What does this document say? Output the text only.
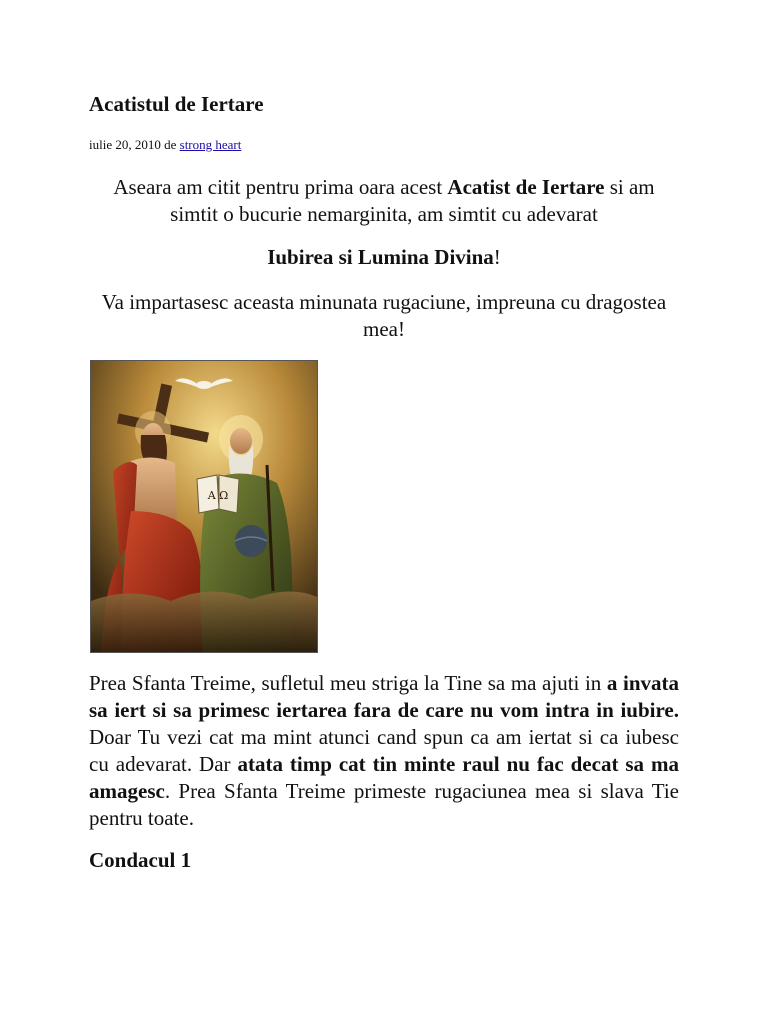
Acatistul de Iertare

iulie 20, 2010 de strong heart

Aseara am citit pentru prima oara acest Acatist de Iertare si am simtit o bucurie nemarginita, am simtit cu adevarat

Iubirea si Lumina Divina!

Va impartasesc aceasta minunata rugaciune, impreuna cu dragostea mea!

A Ω

Prea Sfanta Treime, sufletul meu striga la Tine sa ma ajuti in a invata sa iert si sa primesc iertarea fara de care nu vom intra in iubire. Doar Tu vezi cat ma mint atunci cand spun ca am iertat si ca iubesc cu adevarat. Dar atata timp cat tin minte raul nu fac decat sa ma amagesc. Prea Sfanta Treime primeste rugaciunea mea si slava Tie pentru toate.

Condacul 1
